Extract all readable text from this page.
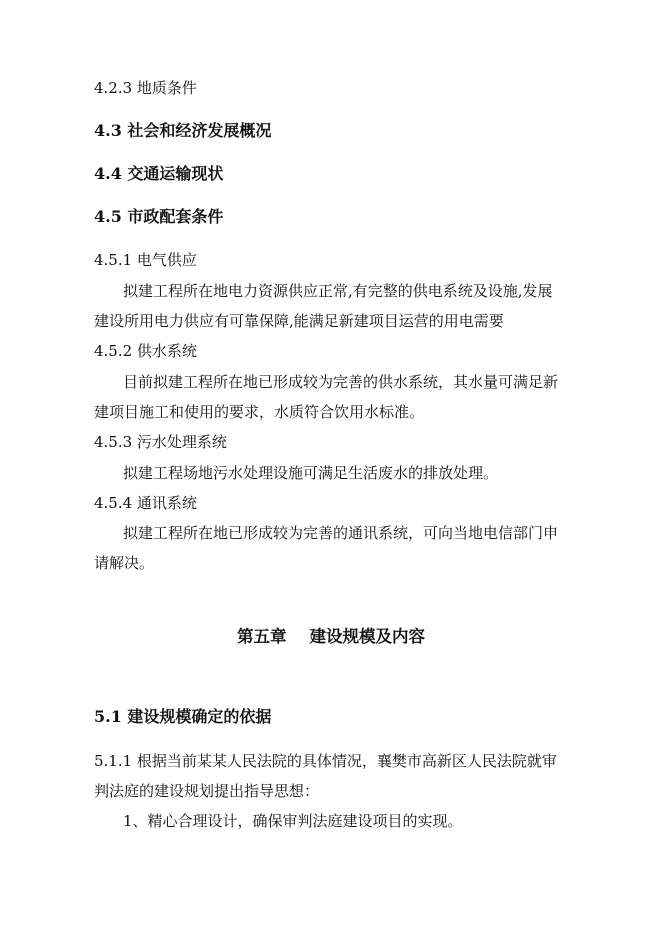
4.2.3 地质条件
4.3 社会和经济发展概况
4.4 交通运输现状
4.5 市政配套条件
4.5.1 电气供应
拟建工程所在地电力资源供应正常,有完整的供电系统及设施,发展
建设所用电力供应有可靠保障,能满足新建项目运营的用电需要
4.5.2 供水系统
目前拟建工程所在地已形成较为完善的供水系统，其水量可满足新
建项目施工和使用的要求，水质符合饮用水标准。
4.5.3 污水处理系统
拟建工程场地污水处理设施可满足生活废水的排放处理。
4.5.4 通讯系统
拟建工程所在地已形成较为完善的通讯系统，可向当地电信部门申
请解决。
第五章    建设规模及内容
5.1 建设规模确定的依据
5.1.1 根据当前某某人民法院的具体情况，襄樊市高新区人民法院就审
判法庭的建设规划提出指导思想：
1、精心合理设计，确保审判法庭建设项目的实现。
